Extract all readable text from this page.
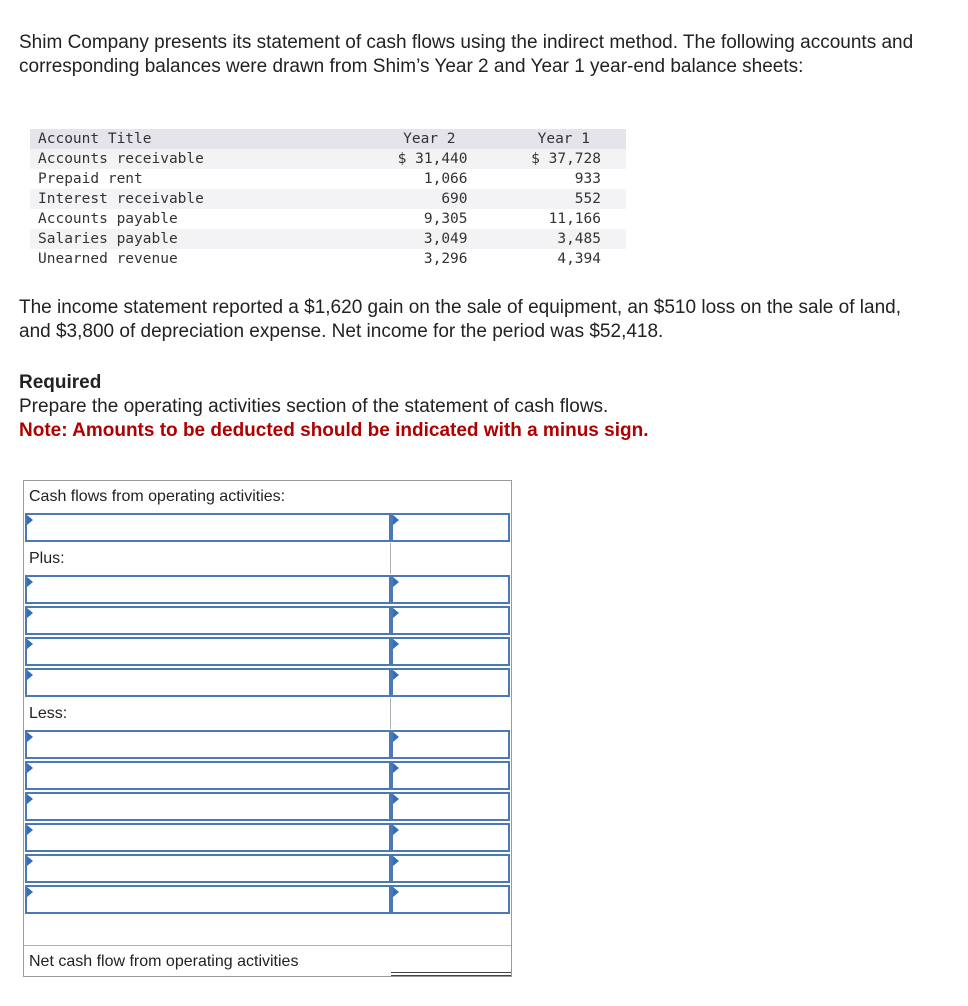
Shim Company presents its statement of cash flows using the indirect method. The following accounts and corresponding balances were drawn from Shim’s Year 2 and Year 1 year-end balance sheets:

Account Title	Year 2	Year 1
Accounts receivable	$ 31,440	$ 37,728
Prepaid rent	1,066	933
Interest receivable	690	552
Accounts payable	9,305	11,166
Salaries payable	3,049	3,485
Unearned revenue	3,296	4,394

The income statement reported a $1,620 gain on the sale of equipment, an $510 loss on the sale of land, and $3,800 of depreciation expense. Net income for the period was $52,418.

Required
Prepare the operating activities section of the statement of cash flows.
Note: Amounts to be deducted should be indicated with a minus sign.
Cash flows from operating activities:
Plus:
Less:
Net cash flow from operating activities
